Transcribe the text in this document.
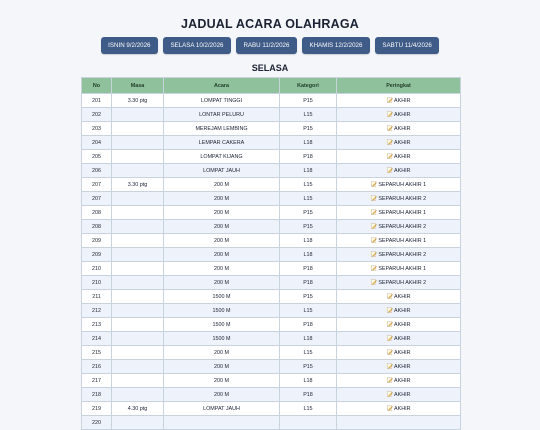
JADUAL ACARA OLAHRAGA
ISNIN 9/2/2026	SELASA 10/2/2026	RABU 11/2/2026	KHAMIS 12/2/2026	SABTU 11/4/2026
SELASA
No	Masa	Acara	Kategori	Peringkat
201	3.30 ptg	LOMPAT TINGGI	P15	AKHIR
202		LONTAR PELURU	L15	AKHIR
203		MEREJAM LEMBING	P15	AKHIR
204		LEMPAR CAKERA	L18	AKHIR
205		LOMPAT KIJANG	P18	AKHIR
206		LOMPAT JAUH	L18	AKHIR
207	3.30 ptg	200 M	L15	SEPARUH AKHIR 1
207		200 M	L15	SEPARUH AKHIR 2
208		200 M	P15	SEPARUH AKHIR 1
208		200 M	P15	SEPARUH AKHIR 2
209		200 M	L18	SEPARUH AKHIR 1
209		200 M	L18	SEPARUH AKHIR 2
210		200 M	P18	SEPARUH AKHIR 1
210		200 M	P18	SEPARUH AKHIR 2
211		1500 M	P15	AKHIR
212		1500 M	L15	AKHIR
213		1500 M	P18	AKHIR
214		1500 M	L18	AKHIR
215		200 M	L15	AKHIR
216		200 M	P15	AKHIR
217		200 M	L18	AKHIR
218		200 M	P18	AKHIR
219	4.30 ptg	LOMPAT JAUH	L15	AKHIR
220				
